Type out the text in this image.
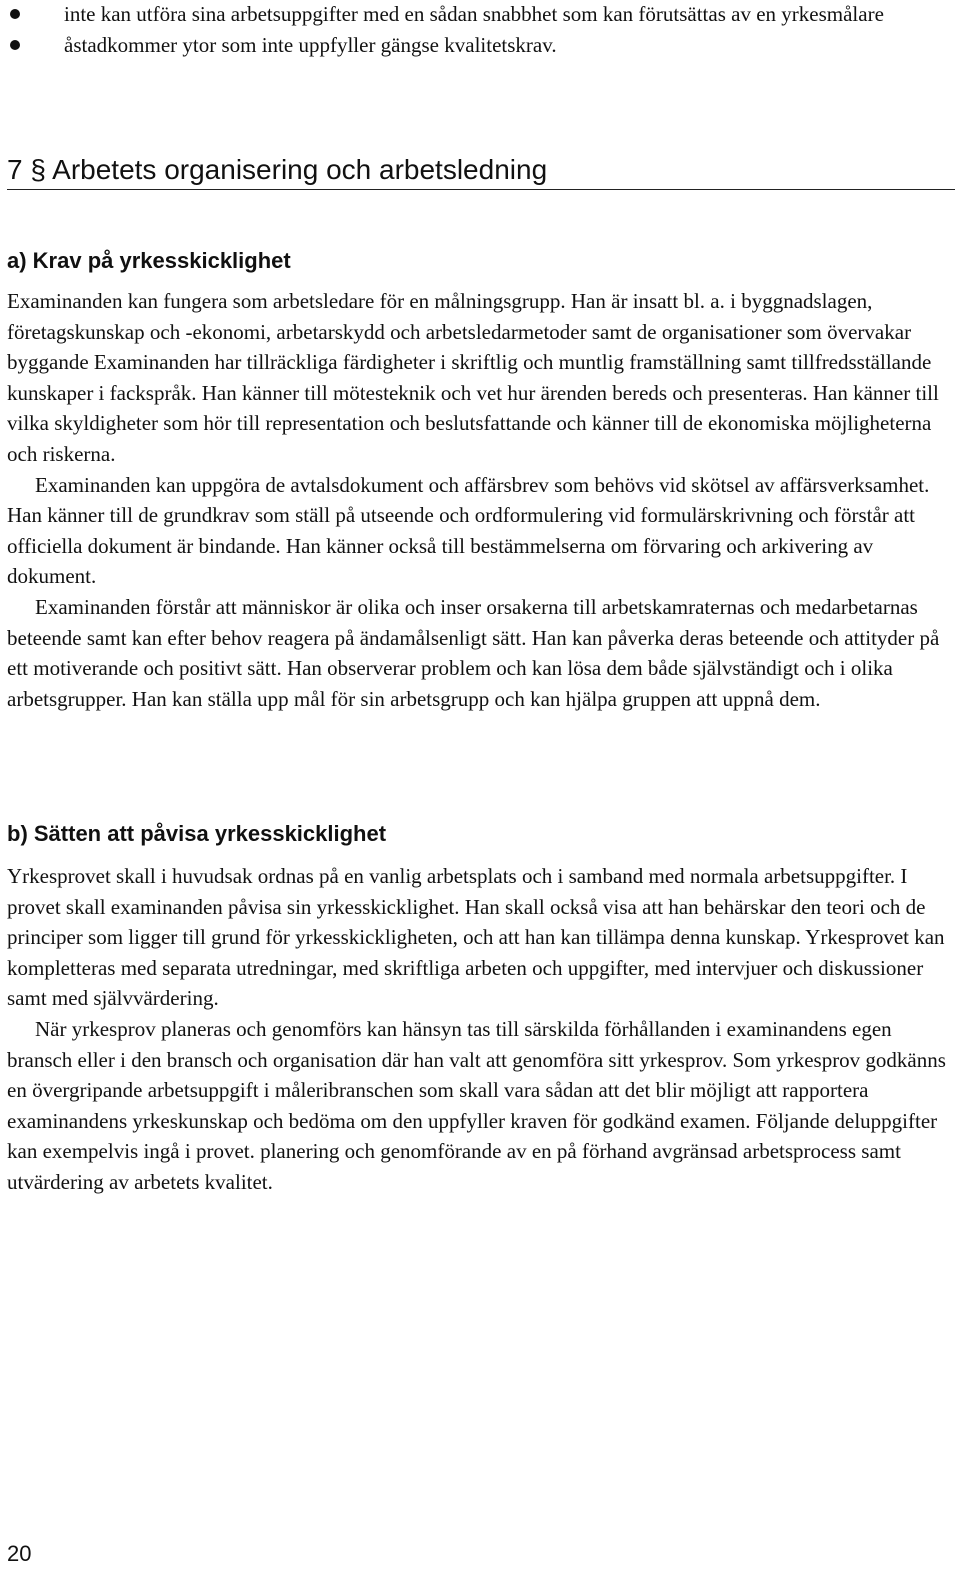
inte kan utföra sina arbetsuppgifter med en sådan snabbhet som kan förutsättas av en yrkesmålare
åstadkommer ytor som inte uppfyller gängse kvalitetskrav.
7 § Arbetets organisering och arbetsledning
a) Krav på yrkesskicklighet

Examinanden kan fungera som arbetsledare för en målningsgrupp. Han är insatt bl. a. i byggnadslagen, företagskunskap och -ekonomi, arbetarskydd och arbetsledarmetoder samt de organisationer som övervakar byggande Examinanden har tillräckliga färdigheter i skriftlig och muntlig framställning samt tillfredsställande kunskaper i fackspråk. Han känner till mötesteknik och vet hur ärenden bereds och presenteras. Han känner till vilka skyldigheter som hör till representation och beslutsfattande och känner till de ekonomiska möjligheterna och riskerna.

Examinanden kan uppgöra de avtalsdokument och affärsbrev som behövs vid skötsel av affärsverksamhet. Han känner till de grundkrav som ställ på utseende och ordformulering vid formulärskrivning och förstår att officiella dokument är bindande. Han känner också till bestämmelserna om förvaring och arkivering av dokument.

Examinanden förstår att människor är olika och inser orsakerna till arbetskamraternas och medarbetarnas beteende samt kan efter behov reagera på ändamålsenligt sätt. Han kan påverka deras beteende och attityder på ett motiverande och positivt sätt. Han observerar problem och kan lösa dem både självständigt och i olika arbetsgrupper. Han kan ställa upp mål för sin arbetsgrupp och kan hjälpa gruppen att uppnå dem.

b) Sätten att påvisa yrkesskicklighet

Yrkesprovet skall i huvudsak ordnas på en vanlig arbetsplats och i samband med normala arbetsuppgifter. I provet skall examinanden påvisa sin yrkesskicklighet. Han skall också visa att han behärskar den teori och de principer som ligger till grund för yrkesskickligheten, och att han kan tillämpa denna kunskap. Yrkesprovet kan kompletteras med separata utredningar, med skriftliga arbeten och uppgifter, med intervjuer och diskussioner samt med självvärdering.

När yrkesprov planeras och genomförs kan hänsyn tas till särskilda förhållanden i examinandens egen bransch eller i den bransch och organisation där han valt att genomföra sitt yrkesprov. Som yrkesprov godkänns en övergripande arbetsuppgift i måleribranschen som skall vara sådan att det blir möjligt att rapportera examinandens yrkeskunskap och bedöma om den uppfyller kraven för godkänd examen. Följande deluppgifter kan exempelvis ingå i provet. planering och genomförande av en på förhand avgränsad arbetsprocess samt utvärdering av arbetets kvalitet.

20
